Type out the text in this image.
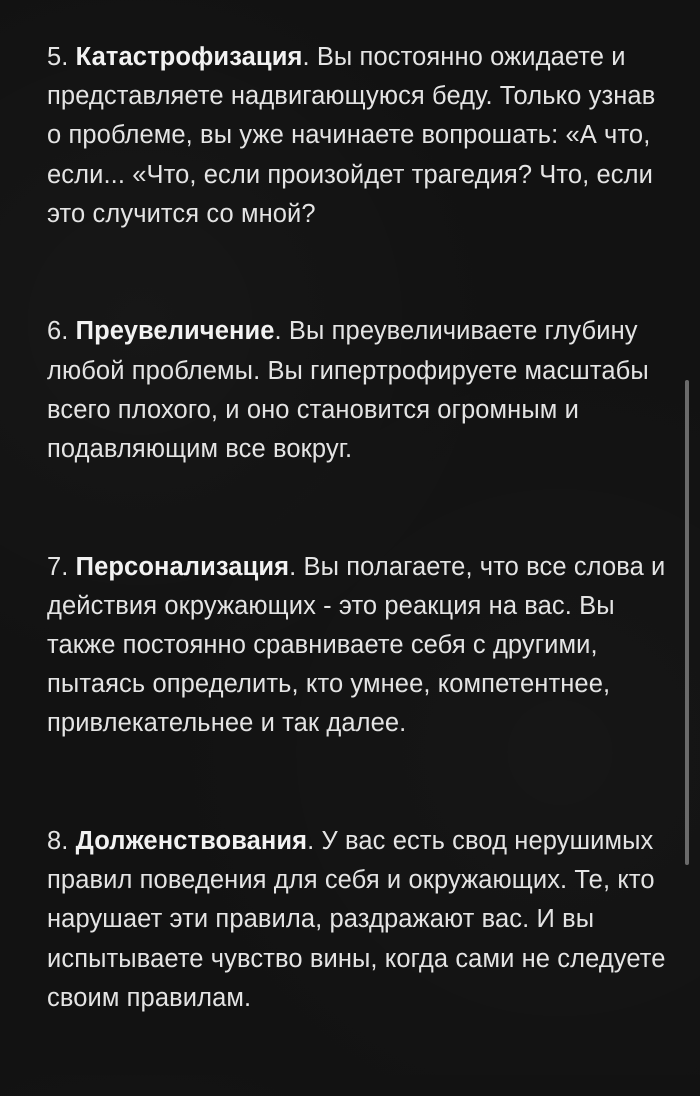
5. Катастрофизация. Вы постоянно ожидаете и представляете надвигающуюся беду. Только узнав о проблеме, вы уже начинаете вопрошать: «А что, если... «Что, если произойдет трагедия? Что, если это случится со мной?

6. Преувеличение. Вы преувеличиваете глубину любой проблемы. Вы гипертрофируете масштабы всего плохого, и оно становится огромным и подавляющим все вокруг.

7. Персонализация. Вы полагаете, что все слова и действия окружающих - это реакция на вас. Вы также постоянно сравниваете себя с другими, пытаясь определить, кто умнее, компетентнее, привлекательнее и так далее.

8. Долженствования. У вас есть свод нерушимых правил поведения для себя и окружающих. Те, кто нарушает эти правила, раздражают вас. И вы испытываете чувство вины, когда сами не следуете своим правилам.
